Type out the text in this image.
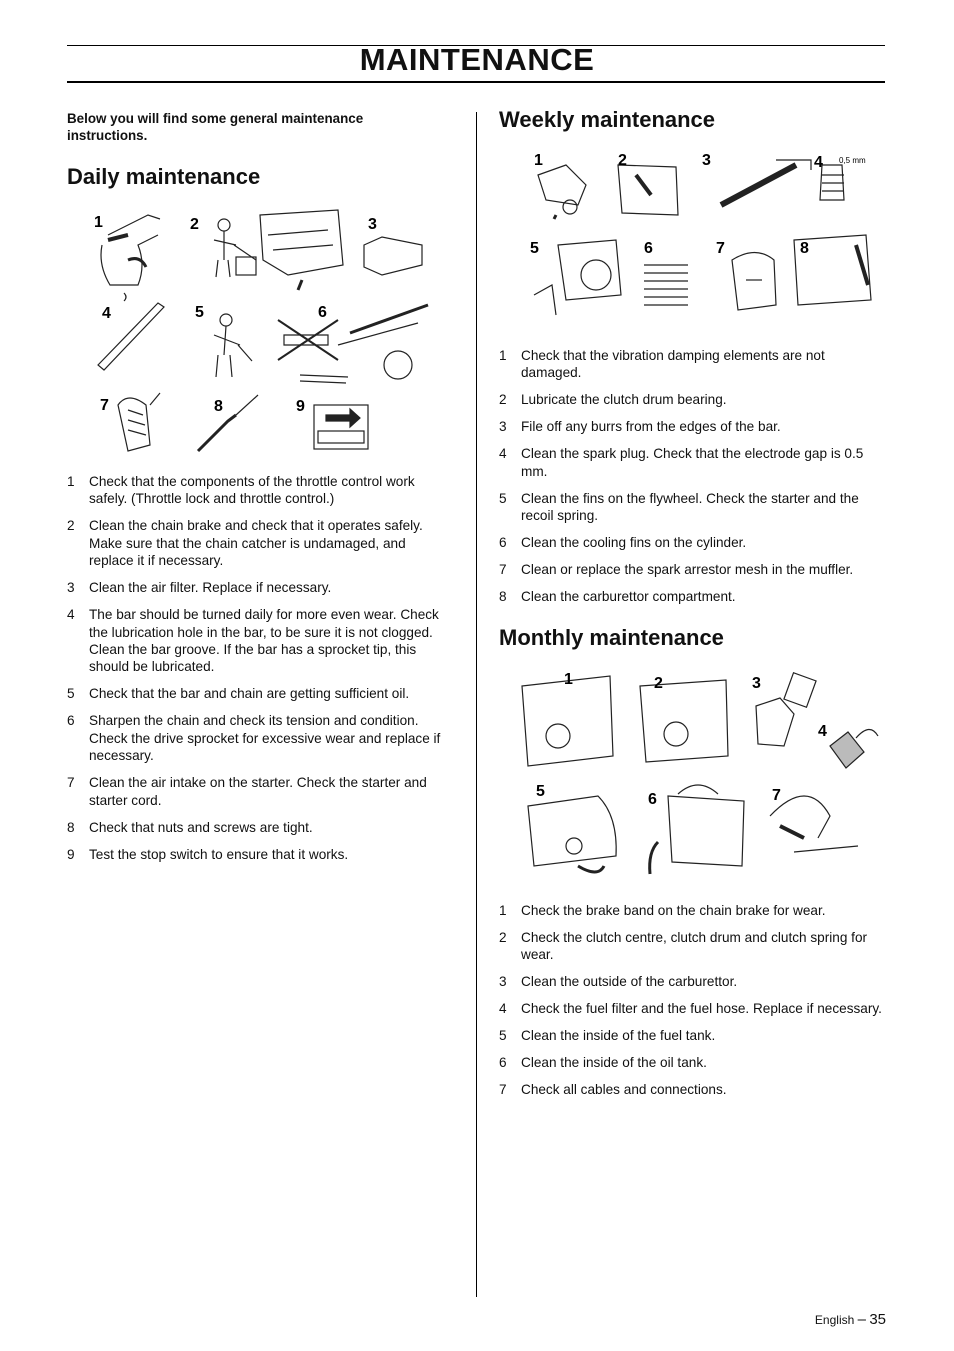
MAINTENANCE
Below you will find some general maintenance instructions.
Daily maintenance
1	2	3
4	5	6
7	8	9
1	Check that the components of the throttle control work safely. (Throttle lock and throttle control.)
2	Clean the chain brake and check that it operates safely. Make sure that the chain catcher is undamaged, and replace it if necessary.
3	Clean the air filter. Replace if necessary.
4	The bar should be turned daily for more even wear. Check the lubrication hole in the bar, to be sure it is not clogged. Clean the bar groove. If the bar has a sprocket tip, this should be lubricated.
5	Check that the bar and chain are getting sufficient oil.
6	Sharpen the chain and check its tension and condition. Check the drive sprocket for excessive wear and replace if necessary.
7	Clean the air intake on the starter. Check the starter and starter cord.
8	Check that nuts and screws are tight.
9	Test the stop switch to ensure that it works.
Weekly maintenance
1	2	3	4 0,5 mm
5	6	7	8
1	Check that the vibration damping elements are not damaged.
2	Lubricate the clutch drum bearing.
3	File off any burrs from the edges of the bar.
4	Clean the spark plug. Check that the electrode gap is 0.5 mm.
5	Clean the fins on the flywheel. Check the starter and the recoil spring.
6	Clean the cooling fins on the cylinder.
7	Clean or replace the spark arrestor mesh in the muffler.
8	Clean the carburettor compartment.
Monthly maintenance
1	2	3
4
5	6	7
1	Check the brake band on the chain brake for wear.
2	Check the clutch centre, clutch drum and clutch spring for wear.
3	Clean the outside of the carburettor.
4	Check the fuel filter and the fuel hose. Replace if necessary.
5	Clean the inside of the fuel tank.
6	Clean the inside of the oil tank.
7	Check all cables and connections.
English – 35
